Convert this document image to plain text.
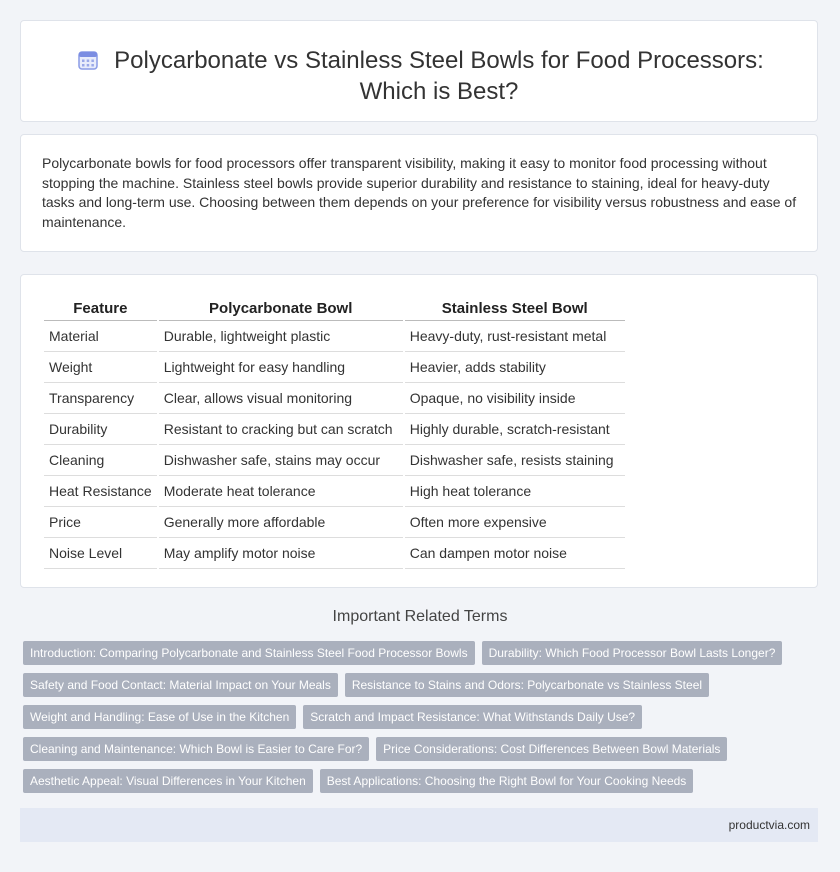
Polycarbonate vs Stainless Steel Bowls for Food Processors: Which is Best?

Polycarbonate bowls for food processors offer transparent visibility, making it easy to monitor food processing without stopping the machine. Stainless steel bowls provide superior durability and resistance to staining, ideal for heavy-duty tasks and long-term use. Choosing between them depends on your preference for visibility versus robustness and ease of maintenance.

Feature	Polycarbonate Bowl	Stainless Steel Bowl
Material	Durable, lightweight plastic	Heavy-duty, rust-resistant metal
Weight	Lightweight for easy handling	Heavier, adds stability
Transparency	Clear, allows visual monitoring	Opaque, no visibility inside
Durability	Resistant to cracking but can scratch	Highly durable, scratch-resistant
Cleaning	Dishwasher safe, stains may occur	Dishwasher safe, resists staining
Heat Resistance	Moderate heat tolerance	High heat tolerance
Price	Generally more affordable	Often more expensive
Noise Level	May amplify motor noise	Can dampen motor noise
Important Related Terms
Introduction: Comparing Polycarbonate and Stainless Steel Food Processor Bowls	Durability: Which Food Processor Bowl Lasts Longer?
Safety and Food Contact: Material Impact on Your Meals	Resistance to Stains and Odors: Polycarbonate vs Stainless Steel
Weight and Handling: Ease of Use in the Kitchen	Scratch and Impact Resistance: What Withstands Daily Use?
Cleaning and Maintenance: Which Bowl is Easier to Care For?	Price Considerations: Cost Differences Between Bowl Materials
Aesthetic Appeal: Visual Differences in Your Kitchen	Best Applications: Choosing the Right Bowl for Your Cooking Needs
productvia.com
